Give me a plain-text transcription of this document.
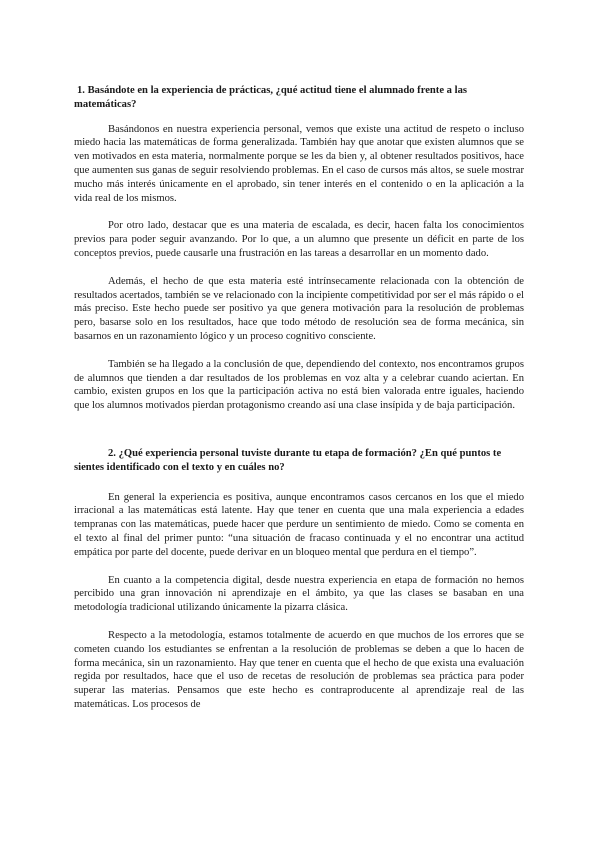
1. Basándote en la experiencia de prácticas, ¿qué actitud tiene el alumnado frente a las matemáticas?

Basándonos en nuestra experiencia personal, vemos que existe una actitud de respeto o incluso miedo hacia las matemáticas de forma generalizada. También hay que anotar que existen alumnos que se ven motivados en esta materia, normalmente porque se les da bien y, al obtener resultados positivos, hace que aumenten sus ganas de seguir resolviendo problemas. En el caso de cursos más altos, se suele mostrar mucho más interés únicamente en el aprobado, sin tener interés en el contenido o en la aplicación a la vida real de los mismos.

Por otro lado, destacar que es una materia de escalada, es decir, hacen falta los conocimientos previos para poder seguir avanzando. Por lo que, a un alumno que presente un déficit en parte de los conceptos previos, puede causarle una frustración en las tareas a desarrollar en un momento dado.

Además, el hecho de que esta materia esté intrínsecamente relacionada con la obtención de resultados acertados, también se ve relacionado con la incipiente competitividad por ser el más rápido o el más preciso. Este hecho puede ser positivo ya que genera motivación para la resolución de problemas pero, basarse solo en los resultados, hace que todo método de resolución sea de forma mecánica, sin basarnos en un razonamiento lógico y un proceso cognitivo consciente.

También se ha llegado a la conclusión de que, dependiendo del contexto, nos encontramos grupos de alumnos que tienden a dar resultados de los problemas en voz alta y a celebrar cuando aciertan. En cambio, existen grupos en los que la participación activa no está bien valorada entre iguales, haciendo que los alumnos motivados pierdan protagonismo creando así una clase insípida y de baja participación.

2. ¿Qué experiencia personal tuviste durante tu etapa de formación? ¿En qué puntos te sientes identificado con el texto y en cuáles no?

En general la experiencia es positiva, aunque encontramos casos cercanos en los que el miedo irracional a las matemáticas está latente. Hay que tener en cuenta que una mala experiencia a edades tempranas con las matemáticas, puede hacer que perdure un sentimiento de miedo. Como se comenta en el texto al final del primer punto: “una situación de fracaso continuada y el no encontrar una actitud empática por parte del docente, puede derivar en un bloqueo mental que perdura en el tiempo”.

En cuanto a la competencia digital, desde nuestra experiencia en etapa de formación no hemos percibido una gran innovación ni aprendizaje en el ámbito, ya que las clases se basaban en una metodología tradicional utilizando únicamente la pizarra clásica.

Respecto a la metodología, estamos totalmente de acuerdo en que muchos de los errores que se cometen cuando los estudiantes se enfrentan a la resolución de problemas se deben a que lo hacen de forma mecánica, sin un razonamiento. Hay que tener en cuenta que el hecho de que exista una evaluación regida por resultados, hace que el uso de recetas de resolución de problemas sea práctica para poder superar las materias. Pensamos que este hecho es contraproducente al aprendizaje real de las matemáticas. Los procesos de
